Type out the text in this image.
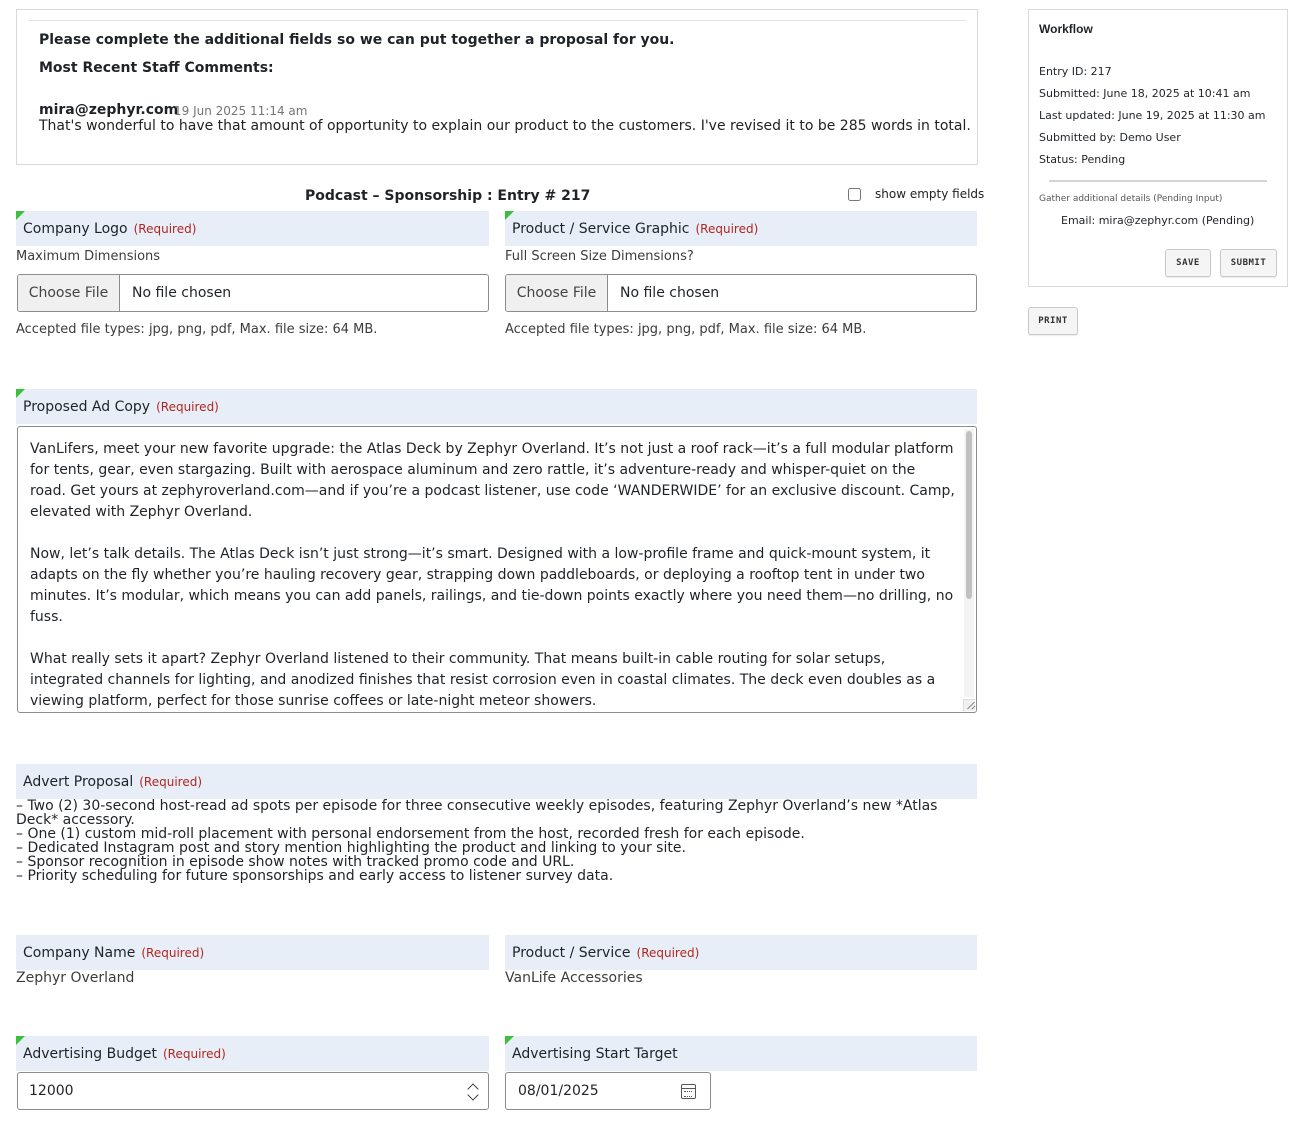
Please complete the additional fields so we can put together a proposal for you.
Most Recent Staff Comments:
mira@zephyr.com
19 Jun 2025 11:14 am
That's wonderful to have that amount of opportunity to explain our product to the customers. I've revised it to be 285 words in total.
Podcast – Sponsorship : Entry # 217	show empty fields
Company Logo (Required)
Maximum Dimensions
Choose File	No file chosen
Accepted file types: jpg, png, pdf, Max. file size: 64 MB.
Product / Service Graphic (Required)
Full Screen Size Dimensions?
Choose File	No file chosen
Accepted file types: jpg, png, pdf, Max. file size: 64 MB.
Proposed Ad Copy (Required)
VanLifers, meet your new favorite upgrade: the Atlas Deck by Zephyr Overland. It’s not just a roof rack—it’s a full modular platform for tents, gear, even stargazing. Built with aerospace aluminum and zero rattle, it’s adventure-ready and whisper-quiet on the road. Get yours at zephyroverland.com—and if you’re a podcast listener, use code ‘WANDERWIDE’ for an exclusive discount. Camp, elevated with Zephyr Overland.

Now, let’s talk details. The Atlas Deck isn’t just strong—it’s smart. Designed with a low-profile frame and quick-mount system, it adapts on the fly whether you’re hauling recovery gear, strapping down paddleboards, or deploying a rooftop tent in under two minutes. It’s modular, which means you can add panels, railings, and tie-down points exactly where you need them—no drilling, no fuss.

What really sets it apart? Zephyr Overland listened to their community. That means built-in cable routing for solar setups, integrated channels for lighting, and anodized finishes that resist corrosion even in coastal climates. The deck even doubles as a viewing platform, perfect for those sunrise coffees or late-night meteor showers.
Advert Proposal (Required)
– Two (2) 30-second host-read ad spots per episode for three consecutive weekly episodes, featuring Zephyr Overland’s new *Atlas Deck* accessory.
– One (1) custom mid-roll placement with personal endorsement from the host, recorded fresh for each episode.
– Dedicated Instagram post and story mention highlighting the product and linking to your site.
– Sponsor recognition in episode show notes with tracked promo code and URL.
– Priority scheduling for future sponsorships and early access to listener survey data.
Company Name (Required)
Zephyr Overland
Product / Service (Required)
VanLife Accessories
Advertising Budget (Required)
12000
Advertising Start Target
08/01/2025
Workflow
Entry ID: 217
Submitted: June 18, 2025 at 10:41 am
Last updated: June 19, 2025 at 11:30 am
Submitted by: Demo User
Status: Pending
Gather additional details (Pending Input)
Email: mira@zephyr.com (Pending)
SAVE	SUBMIT
PRINT
